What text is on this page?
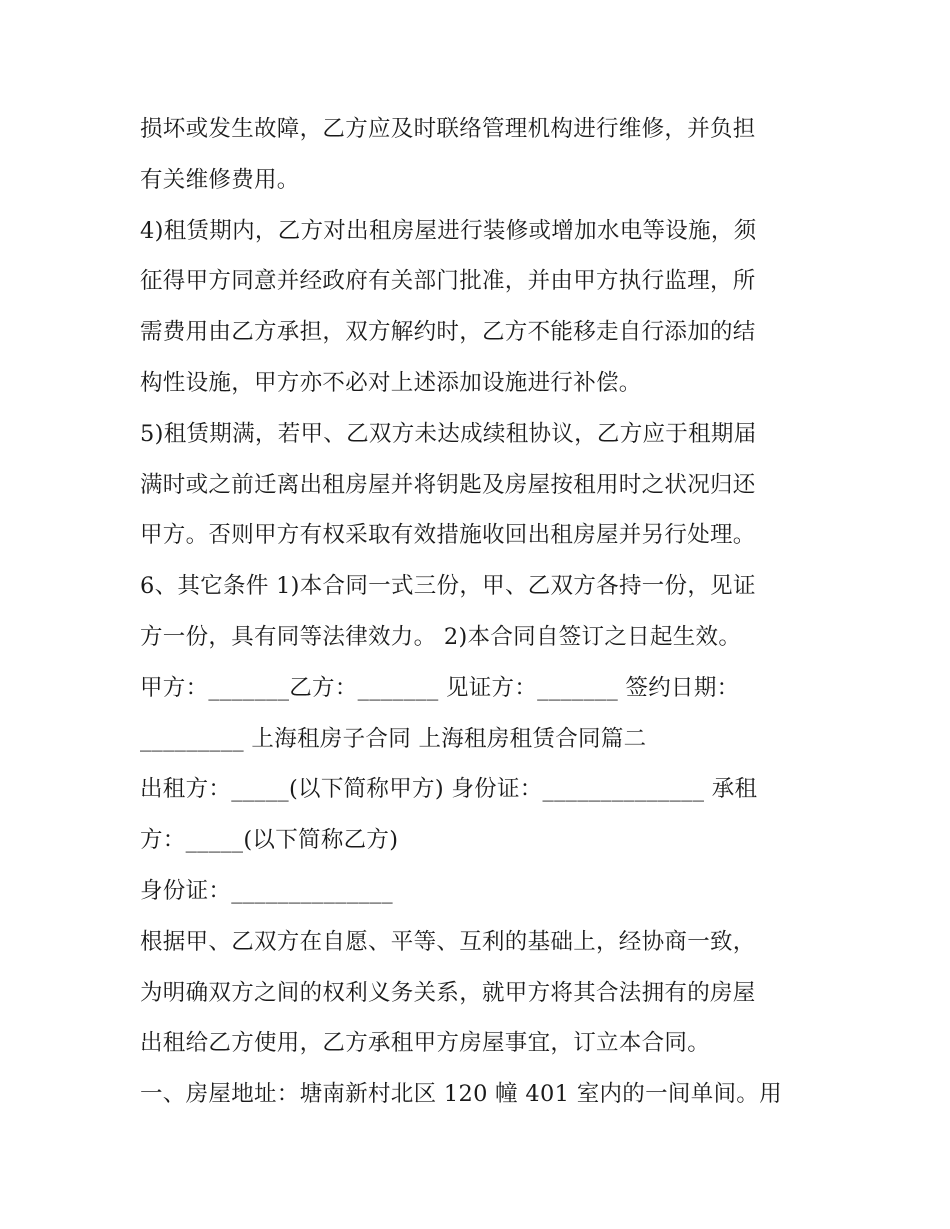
损坏或发生故障，乙方应及时联络管理机构进行维修，并负担
有关维修费用。
4)租赁期内，乙方对出租房屋进行装修或增加水电等设施，须
征得甲方同意并经政府有关部门批准，并由甲方执行监理，所
需费用由乙方承担，双方解约时，乙方不能移走自行添加的结
构性设施，甲方亦不必对上述添加设施进行补偿。
5)租赁期满，若甲、乙双方未达成续租协议，乙方应于租期届
满时或之前迁离出租房屋并将钥匙及房屋按租用时之状况归还
甲方。否则甲方有权采取有效措施收回出租房屋并另行处理。
6、其它条件 1)本合同一式三份，甲、乙双方各持一份，见证
方一份，具有同等法律效力。 2)本合同自签订之日起生效。
甲方：_______乙方：_______ 见证方：_______ 签约日期：
_________ 上海租房子合同 上海租房租赁合同篇二
出租方：_____(以下简称甲方) 身份证：______________ 承租
方：_____(以下简称乙方)
身份证：______________
根据甲、乙双方在自愿、平等、互利的基础上，经协商一致，
为明确双方之间的权利义务关系，就甲方将其合法拥有的房屋
出租给乙方使用，乙方承租甲方房屋事宜，订立本合同。
一、房屋地址：塘南新村北区 120 幢 401 室内的一间单间。用
